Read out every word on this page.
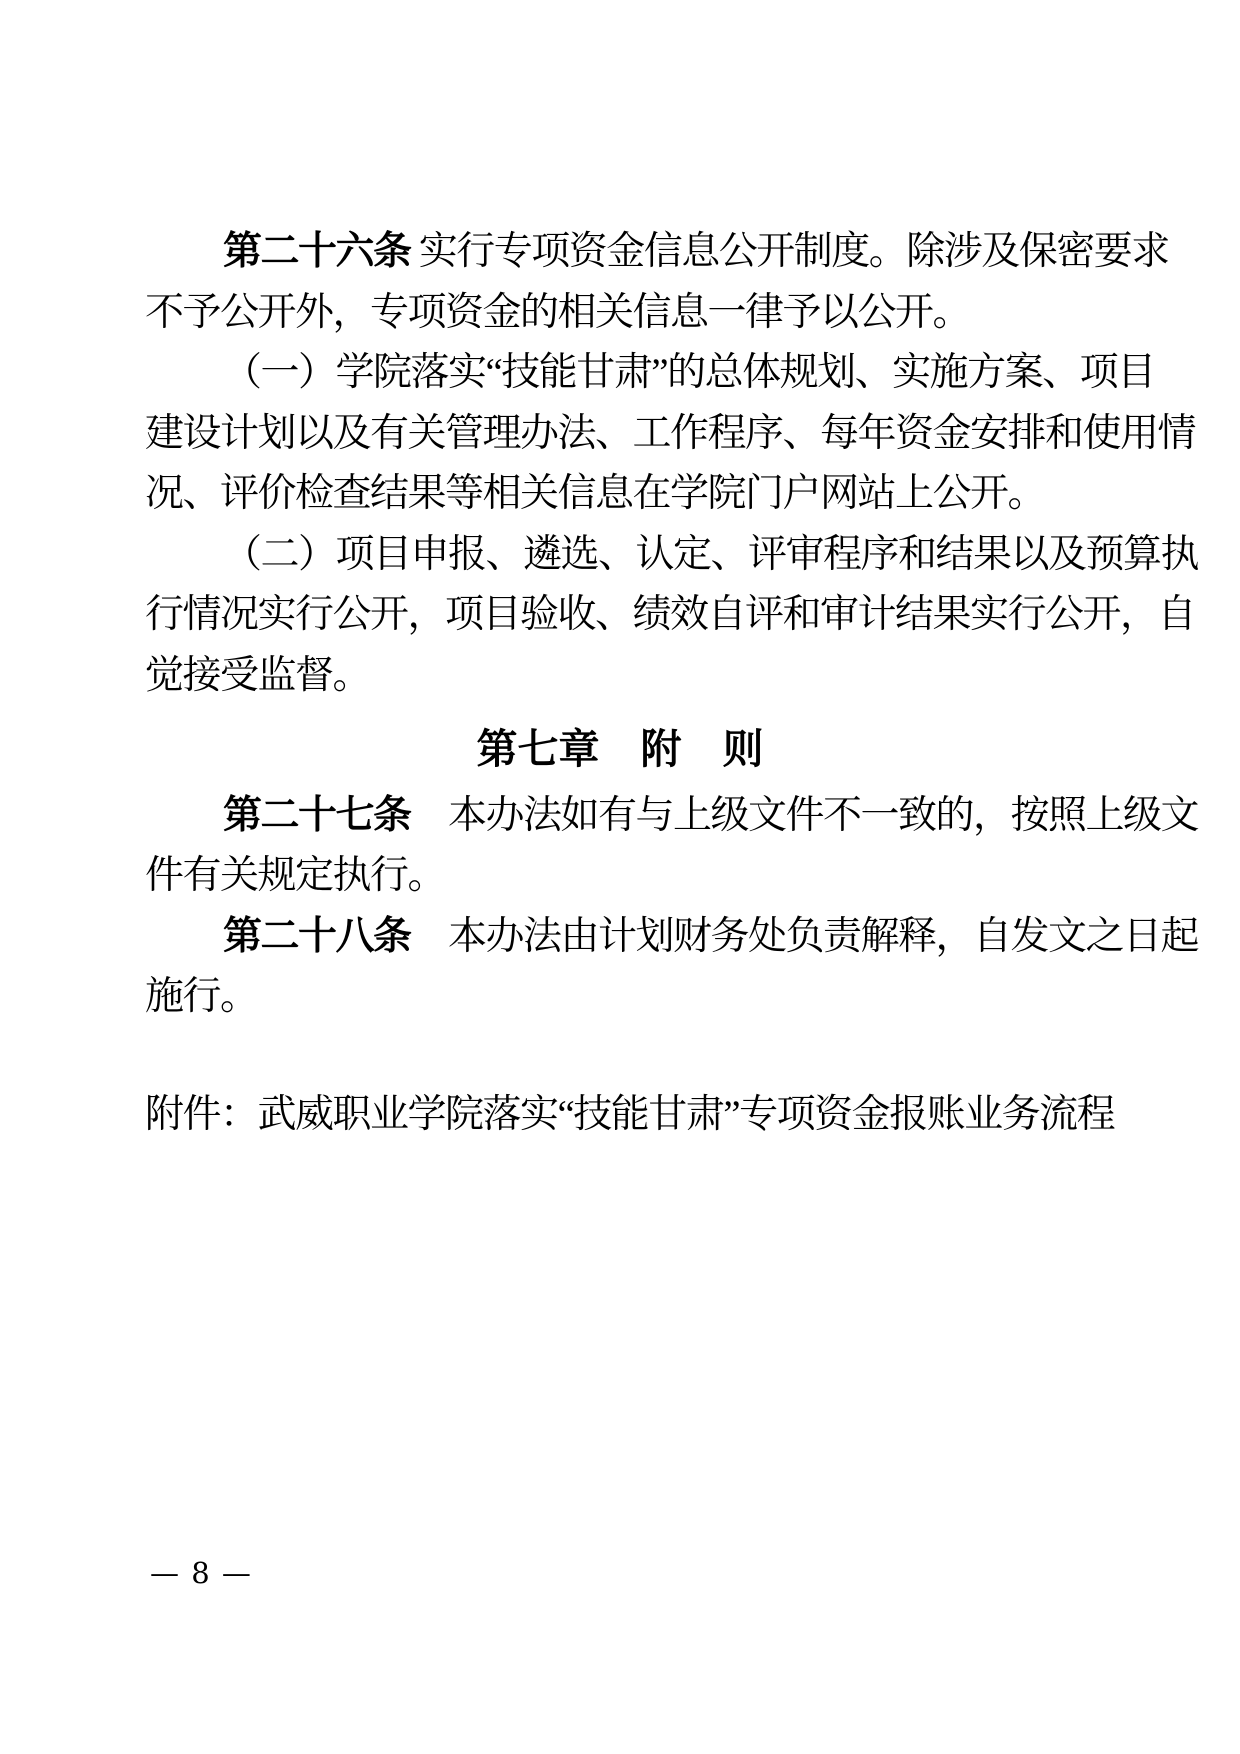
第二十六条 实行专项资金信息公开制度。除涉及保密要求
不予公开外，专项资金的相关信息一律予以公开。
（一）学院落实“技能甘肃”的总体规划、实施方案、项目
建设计划以及有关管理办法、工作程序、每年资金安排和使用情
况、评价检查结果等相关信息在学院门户网站上公开。
（二）项目申报、遴选、认定、评审程序和结果以及预算执
行情况实行公开，项目验收、绩效自评和审计结果实行公开，自
觉接受监督。
第七章　附　则
第二十七条　本办法如有与上级文件不一致的，按照上级文
件有关规定执行。
第二十八条　本办法由计划财务处负责解释，自发文之日起
施行。
附件：武威职业学院落实“技能甘肃”专项资金报账业务流程
— 8 —
